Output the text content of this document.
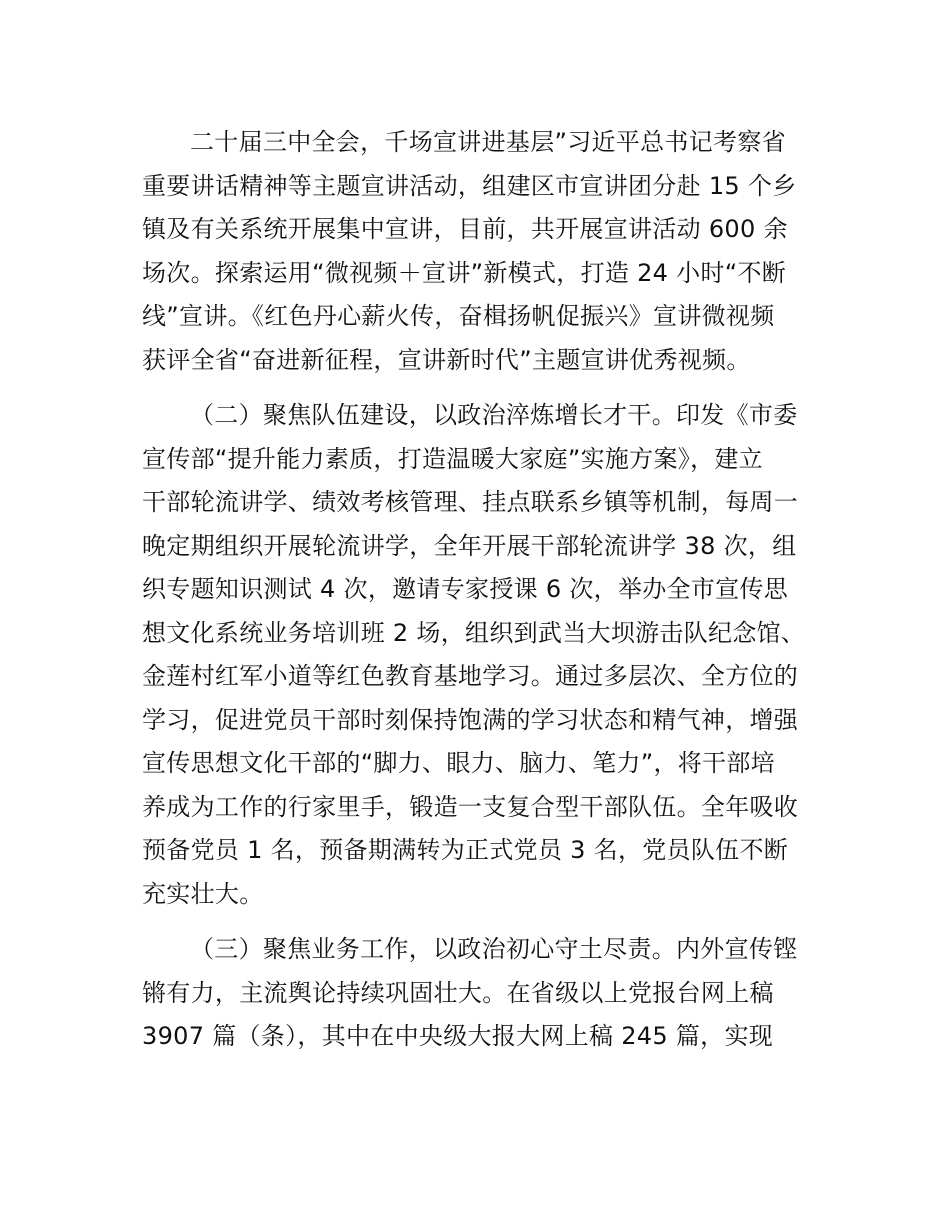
二十届三中全会，千场宣讲进基层”习近平总书记考察省
重要讲话精神等主题宣讲活动，组建区市宣讲团分赴 15 个乡
镇及有关系统开展集中宣讲，目前，共开展宣讲活动 600 余
场次。探索运用“微视频＋宣讲”新模式，打造 24 小时“不断
线”宣讲。《红色丹心薪火传，奋楫扬帆促振兴》宣讲微视频
获评全省“奋进新征程，宣讲新时代”主题宣讲优秀视频。
（二）聚焦队伍建设，以政治淬炼增长才干。印发《市委
宣传部“提升能力素质，打造温暖大家庭”实施方案》，建立
干部轮流讲学、绩效考核管理、挂点联系乡镇等机制，每周一
晚定期组织开展轮流讲学，全年开展干部轮流讲学 38 次，组
织专题知识测试 4 次，邀请专家授课 6 次，举办全市宣传思
想文化系统业务培训班 2 场，组织到武当大坝游击队纪念馆、
金莲村红军小道等红色教育基地学习。通过多层次、全方位的
学习，促进党员干部时刻保持饱满的学习状态和精气神，增强
宣传思想文化干部的“脚力、眼力、脑力、笔力”，将干部培
养成为工作的行家里手，锻造一支复合型干部队伍。全年吸收
预备党员 1 名，预备期满转为正式党员 3 名，党员队伍不断
充实壮大。
（三）聚焦业务工作，以政治初心守土尽责。内外宣传铿
锵有力，主流舆论持续巩固壮大。在省级以上党报台网上稿
3907 篇（条），其中在中央级大报大网上稿 245 篇，实现
